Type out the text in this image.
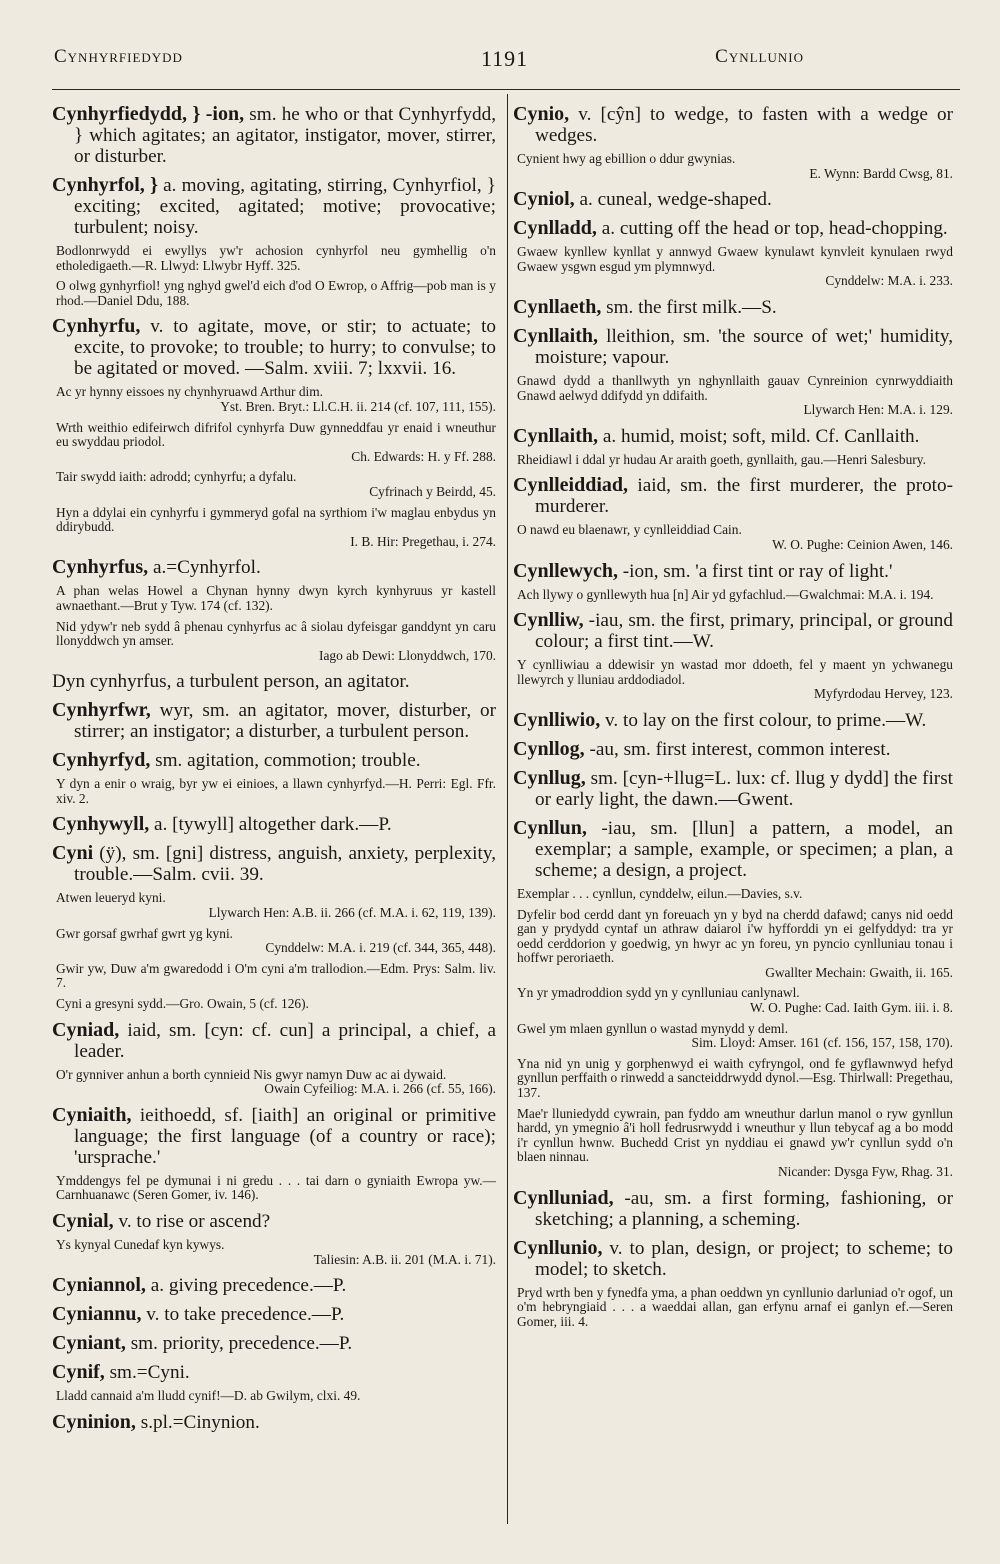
Cynhyrfiedydd	1191	Cynllunio
Cynhyrfiedydd, } -ion, sm. he who or that Cynhyrfydd, } which agitates; an agitator, instigator, mover, stirrer, or disturber.
Cynhyrfol, } a. moving, agitating, stirring, Cynhyrfiol, } exciting; excited, agitated; motive; provocative; turbulent; noisy.
Bodlonrwydd ei ewyllys yw'r achosion cynhyrfol neu gymhellig o'n etholedigaeth.—R. Llwyd: Llwybr Hyff. 325.
O olwg gynhyrfiol! yng nghyd gwel'd eich d'od O Ewrop, o Affrig—pob man is y rhod.—Daniel Ddu, 188.
Cynhyrfu, v. to agitate, move, or stir; to actuate; to excite, to provoke; to trouble; to hurry; to convulse; to be agitated or moved. —Salm. xviii. 7; lxxvii. 16.
Ac yr hynny eissoes ny chynhyruawd Arthur dim.
Yst. Bren. Bryt.: Ll.C.H. ii. 214 (cf. 107, 111, 155).
Wrth weithio edifeirwch difrifol cynhyrfa Duw gynneddfau yr enaid i wneuthur eu swyddau priodol.
Ch. Edwards: H. y Ff. 288.
Tair swydd iaith: adrodd; cynhyrfu; a dyfalu.
Cyfrinach y Beirdd, 45.
Hyn a ddylai ein cynhyrfu i gymmeryd gofal na syrthiom i'w maglau enbydus yn ddirybudd.
I. B. Hir: Pregethau, i. 274.
Cynhyrfus, a.=Cynhyrfol.
A phan welas Howel a Chynan hynny dwyn kyrch kynhyruus yr kastell awnaethant.—Brut y Tyw. 174 (cf. 132).
Nid ydyw'r neb sydd â phenau cynhyrfus ac â siolau dyfeisgar ganddynt yn caru llonyddwch yn amser.
Iago ab Dewi: Llonyddwch, 170.
Dyn cynhyrfus, a turbulent person, an agitator.
Cynhyrfwr, wyr, sm. an agitator, mover, disturber, or stirrer; an instigator; a disturber, a turbulent person.
Cynhyrfyd, sm. agitation, commotion; trouble.
Y dyn a enir o wraig, byr yw ei einioes, a llawn cynhyrfyd.—H. Perri: Egl. Ffr. xiv. 2.
Cynhywyll, a. [tywyll] altogether dark.—P.
Cyni (ÿ), sm. [gni] distress, anguish, anxiety, perplexity, trouble.—Salm. cvii. 39.
Atwen leueryd kyni.
Llywarch Hen: A.B. ii. 266 (cf. M.A. i. 62, 119, 139).
Gwr gorsaf gwrhaf gwrt yg kyni.
Cynddelw: M.A. i. 219 (cf. 344, 365, 448).
Gwir yw, Duw a'm gwaredodd i O'm cyni a'm trallodion.—Edm. Prys: Salm. liv. 7.
Cyni a gresyni sydd.—Gro. Owain, 5 (cf. 126).
Cyniad, iaid, sm. [cyn: cf. cun] a principal, a chief, a leader.
O'r gynniver anhun a borth cynnieid Nis gwyr namyn Duw ac ai dywaid.
Owain Cyfeiliog: M.A. i. 266 (cf. 55, 166).
Cyniaith, ieithoedd, sf. [iaith] an original or primitive language; the first language (of a country or race); 'ursprache.'
Ymddengys fel pe dymunai i ni gredu . . . tai darn o gyniaith Ewropa yw.—Carnhuanawc (Seren Gomer, iv. 146).
Cynial, v. to rise or ascend?
Ys kynyal Cunedaf kyn kywys.
Taliesin: A.B. ii. 201 (M.A. i. 71).
Cyniannol, a. giving precedence.—P.
Cyniannu, v. to take precedence.—P.
Cyniant, sm. priority, precedence.—P.
Cynif, sm.=Cyni.
Lladd cannaid a'm lludd cynif!—D. ab Gwilym, clxi. 49.
Cyninion, s.pl.=Cinynion.
Cynio, v. [cŷn] to wedge, to fasten with a wedge or wedges.
Cynient hwy ag ebillion o ddur gwynias.
E. Wynn: Bardd Cwsg, 81.
Cyniol, a. cuneal, wedge-shaped.
Cynlladd, a. cutting off the head or top, head-chopping.
Gwaew kynllew kynllat y annwyd Gwaew kynulawt kynvleit kynulaen rwyd Gwaew ysgwn esgud ym plymnwyd.
Cynddelw: M.A. i. 233.
Cynllaeth, sm. the first milk.—S.
Cynllaith, lleithion, sm. 'the source of wet;' humidity, moisture; vapour.
Gnawd dydd a thanllwyth yn nghynllaith gauav Cynreinion cynrwyddiaith Gnawd aelwyd ddifydd yn ddifaith.
Llywarch Hen: M.A. i. 129.
Cynllaith, a. humid, moist; soft, mild. Cf. Canllaith.
Rheidiawl i ddal yr hudau Ar araith goeth, gynllaith, gau.—Henri Salesbury.
Cynlleiddiad, iaid, sm. the first murderer, the proto-murderer.
O nawd eu blaenawr, y cynlleiddiad Cain.
W. O. Pughe: Ceinion Awen, 146.
Cynllewych, -ion, sm. 'a first tint or ray of light.'
Ach llywy o gynllewyth hua [n] Air yd gyfachlud.—Gwalchmai: M.A. i. 194.
Cynlliw, -iau, sm. the first, primary, principal, or ground colour; a first tint.—W.
Y cynlliwiau a ddewisir yn wastad mor ddoeth, fel y maent yn ychwanegu llewyrch y lluniau arddodiadol.
Myfyrdodau Hervey, 123.
Cynlliwio, v. to lay on the first colour, to prime.—W.
Cynllog, -au, sm. first interest, common interest.
Cynllug, sm. [cyn-+llug=L. lux: cf. llug y dydd] the first or early light, the dawn.—Gwent.
Cynllun, -iau, sm. [llun] a pattern, a model, an exemplar; a sample, example, or specimen; a plan, a scheme; a design, a project.
Exemplar . . . cynllun, cynddelw, eilun.—Davies, s.v.
Dyfelir bod cerdd dant yn foreuach yn y byd na cherdd dafawd; canys nid oedd gan y prydydd cyntaf un athraw daiarol i'w hyfforddi yn ei gelfyddyd: tra yr oedd cerddorion y goedwig, yn hwyr ac yn foreu, yn pyncio cynlluniau tonau i hoffwr peroriaeth.
Gwallter Mechain: Gwaith, ii. 165.
Yn yr ymadroddion sydd yn y cynlluniau canlynawl.
W. O. Pughe: Cad. Iaith Gym. iii. i. 8.
Gwel ym mlaen gynllun o wastad mynydd y deml.
Sim. Lloyd: Amser. 161 (cf. 156, 157, 158, 170).
Yna nid yn unig y gorphenwyd ei waith cyfryngol, ond fe gyflawnwyd hefyd gynllun perffaith o rinwedd a sancteiddrwydd dynol.—Esg. Thirlwall: Pregethau, 137.
Mae'r lluniedydd cywrain, pan fyddo am wneuthur darlun manol o ryw gynllun hardd, yn ymegnio â'i holl fedrusrwydd i wneuthur y llun tebycaf ag a bo modd i'r cynllun hwnw. Buchedd Crist yn nyddiau ei gnawd yw'r cynllun sydd o'n blaen ninnau.
Nicander: Dysga Fyw, Rhag. 31.
Cynlluniad, -au, sm. a first forming, fashioning, or sketching; a planning, a scheming.
Cynllunio, v. to plan, design, or project; to scheme; to model; to sketch.
Pryd wrth ben y fynedfa yma, a phan oeddwn yn cynllunio darluniad o'r ogof, un o'm hebryngiaid . . . a waeddai allan, gan erfynu arnaf ei ganlyn ef.—Seren Gomer, iii. 4.
